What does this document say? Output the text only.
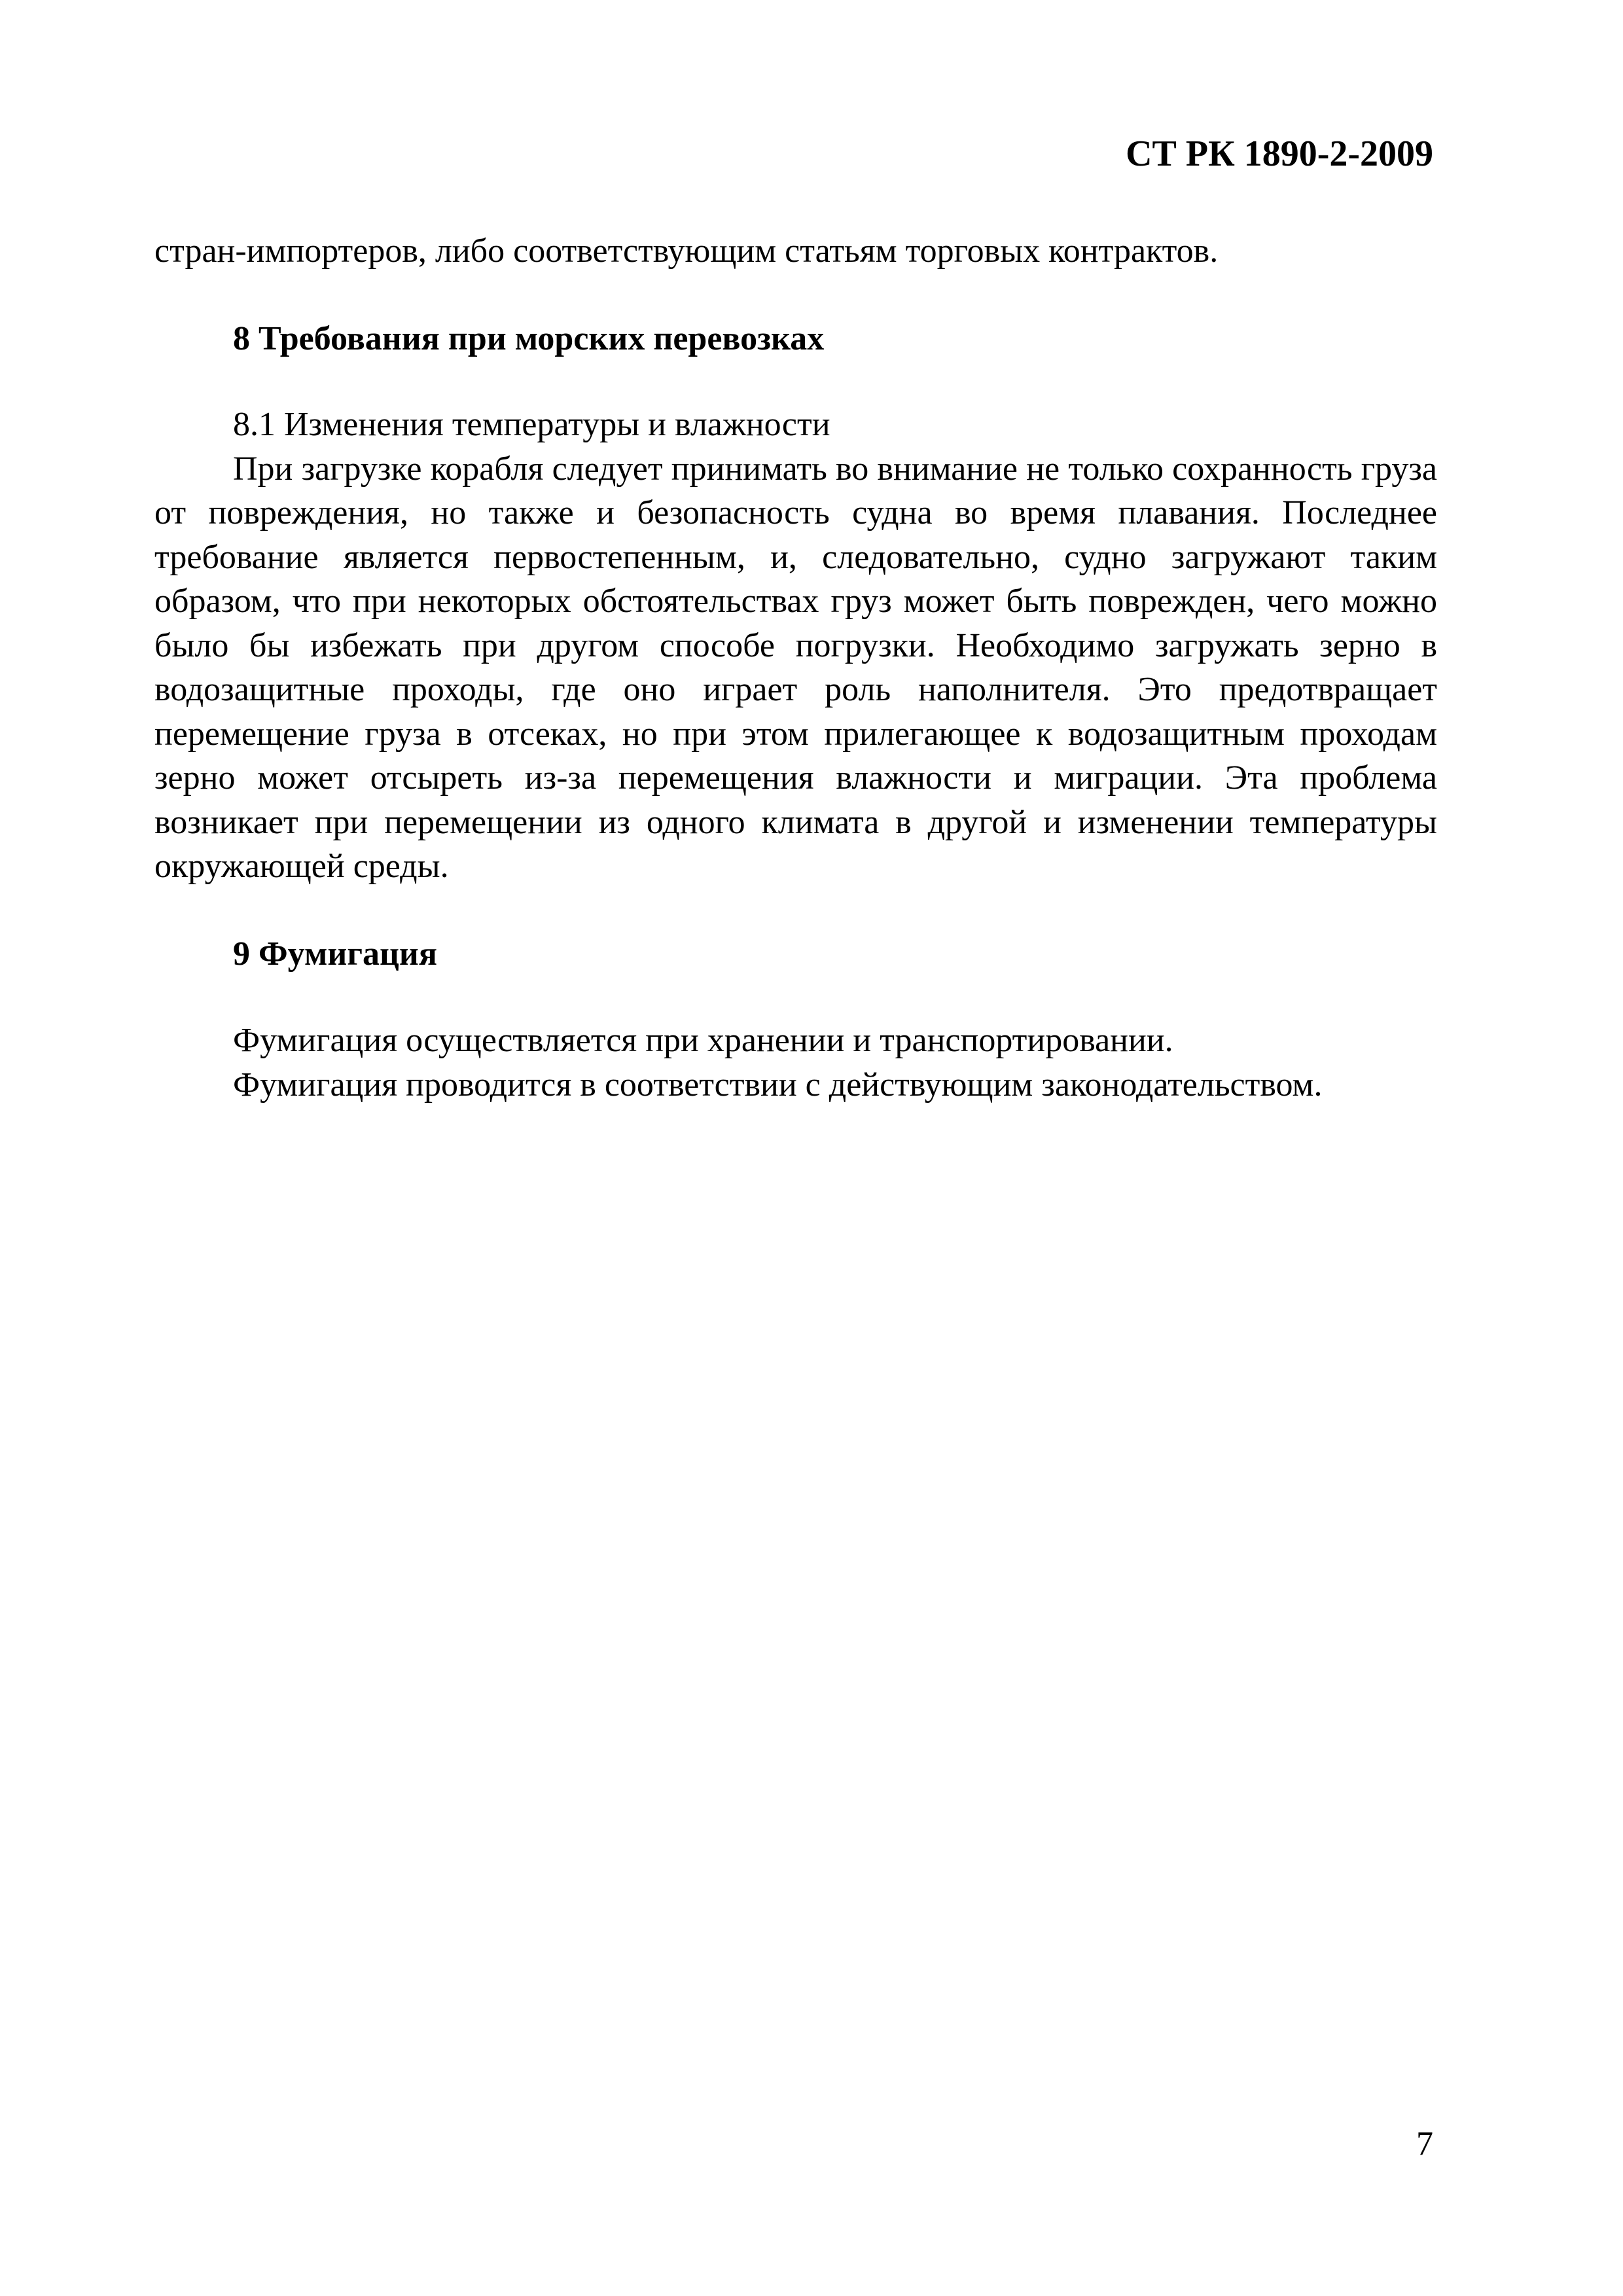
СТ РК 1890-2-2009

стран-импортеров, либо соответствующим статьям торговых контрактов.

8 Требования при морских перевозках

8.1 Изменения температуры и влажности

При загрузке корабля следует принимать во внимание не только сохранность груза от повреждения, но также и безопасность судна во время плавания. Последнее требование является первостепенным, и, следовательно, судно загружают таким образом, что при некоторых обстоятельствах груз может быть поврежден, чего можно было бы избежать при другом способе погрузки. Необходимо загружать зерно в водозащитные проходы, где оно играет роль наполнителя. Это предотвращает перемещение груза в отсеках, но при этом прилегающее к водозащитным проходам зерно может отсыреть из-за перемещения влажности и миграции. Эта проблема возникает при перемещении из одного климата в другой и изменении температуры окружающей среды.

9 Фумигация

Фумигация осуществляется при хранении и транспортировании.

Фумигация проводится в соответствии с действующим законодательством.

7
